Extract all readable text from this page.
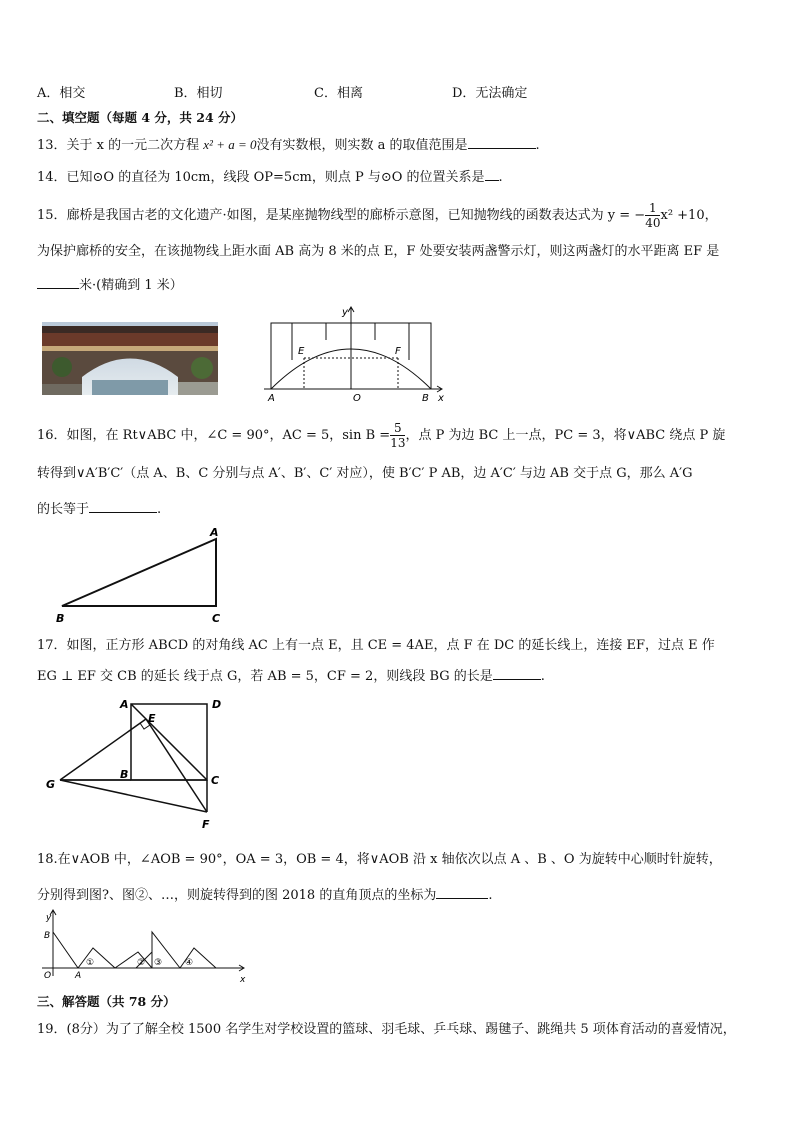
A．相交	B．相切	C．相离	D．无法确定
二、填空题（每题 4 分，共 24 分）
13．关于 x 的一元二次方程 x² + a = 0没有实数根，则实数 a 的取值范围是	.
14．已知⊙O 的直径为 10cm，线段 OP=5cm，则点 P 与⊙O 的位置关系是 .
15．廊桥是我国古老的文化遗产·如图，是某座抛物线型的廊桥示意图，已知抛物线的函数表达式为 y = − $\frac{1}{40} x^2 +10$，
为保护廊桥的安全，在该抛物线上距水面 AB 高为 8 米的点 E，F 处要安装两盏警示灯，则这两盏灯的水平距离 EF 是
米·(精确到 1 米）
y
x
E	F
A	O	B
16．如图，在 Rt∨ABC 中，∠C = 90°，AC = 5，$\sin B = \frac{5}{13}$ ，点 P 为边 BC 上一点，PC = 3，将∨ABC 绕点 P 旋
转得到∨A′B′C′（点 A、B、C 分别与点 A′、B′、C′ 对应），使 B′C′ P AB，边 A′C′ 与边 AB 交于点 G，那么 A′G
的长等于	.
A
B	C
17．如图，正方形 ABCD 的对角线 AC 上有一点 E，且 CE = 4AE，点 F 在 DC 的延长线上，连接 EF，过点 E 作
EG ⊥ EF 交 CB 的延长 线于点 G，若 AB = 5，CF = 2，则线段 BG 的长是	.
A	D
E
G
B	C
F
18.在∨AOB 中，∠AOB = 90°，OA = 3，OB = 4，将∨AOB 沿 x 轴依次以点 A 、B 、O 为旋转中心顺时针旋转，
分别得到图?、图②、…，则旋转得到的图 2018 的直角顶点的坐标为	.
y
B
O	A	x
①	② ③	④
三、解答题（共 78 分）
19．(8分）为了了解全校 1500 名学生对学校设置的篮球、羽毛球、乒乓球、踢毽子、跳绳共 5 项体育活动的喜爱情况，
